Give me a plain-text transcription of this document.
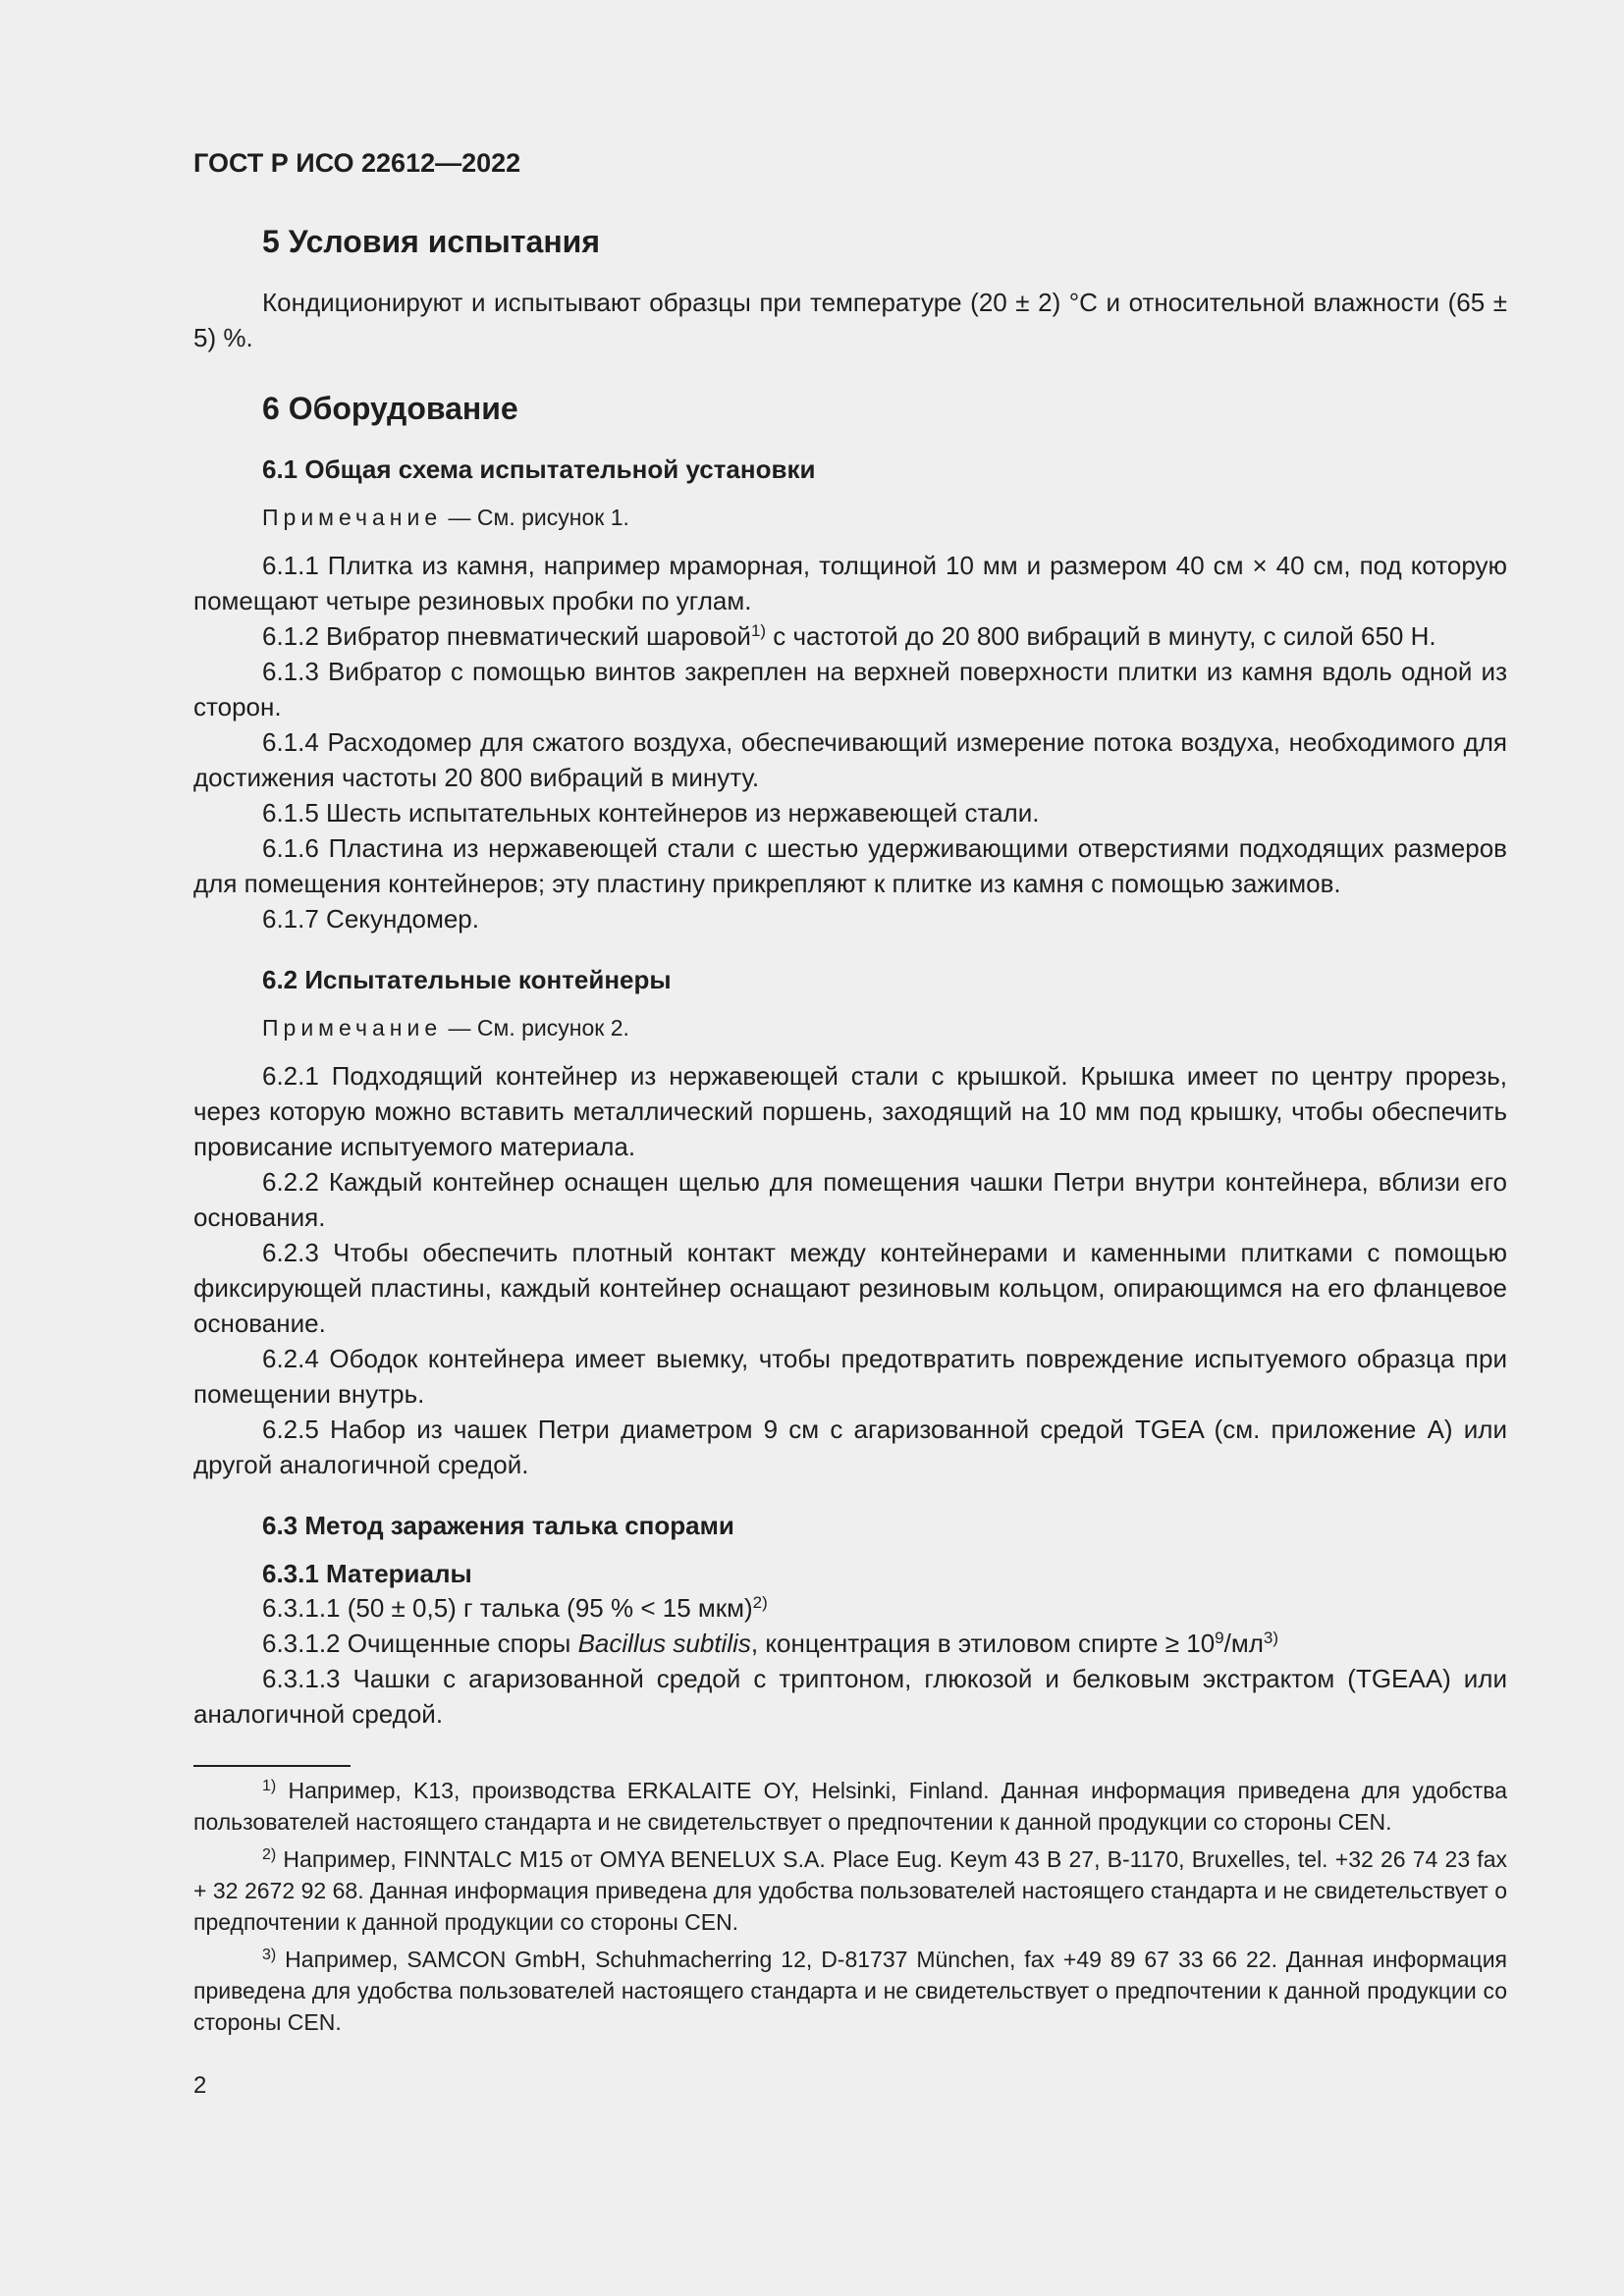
ГОСТ Р ИСО 22612—2022
5 Условия испытания

Кондиционируют и испытывают образцы при температуре (20 ± 2) °С и относительной влажности (65 ± 5) %.

6 Оборудование
6.1 Общая схема испытательной установки

Примечание — См. рисунок 1.

6.1.1 Плитка из камня, например мраморная, толщиной 10 мм и размером 40 см × 40 см, под которую помещают четыре резиновых пробки по углам.

6.1.2 Вибратор пневматический шаровой$^{1)}$ с частотой до 20 800 вибраций в минуту, с силой 650 Н.

6.1.3 Вибратор с помощью винтов закреплен на верхней поверхности плитки из камня вдоль одной из сторон.

6.1.4 Расходомер для сжатого воздуха, обеспечивающий измерение потока воздуха, необходимого для достижения частоты 20 800 вибраций в минуту.

6.1.5 Шесть испытательных контейнеров из нержавеющей стали.

6.1.6 Пластина из нержавеющей стали с шестью удерживающими отверстиями подходящих размеров для помещения контейнеров; эту пластину прикрепляют к плитке из камня с помощью зажимов.

6.1.7 Секундомер.

6.2 Испытательные контейнеры

Примечание — См. рисунок 2.

6.2.1 Подходящий контейнер из нержавеющей стали с крышкой. Крышка имеет по центру прорезь, через которую можно вставить металлический поршень, заходящий на 10 мм под крышку, чтобы обеспечить провисание испытуемого материала.

6.2.2 Каждый контейнер оснащен щелью для помещения чашки Петри внутри контейнера, вблизи его основания.

6.2.3 Чтобы обеспечить плотный контакт между контейнерами и каменными плитками с помощью фиксирующей пластины, каждый контейнер оснащают резиновым кольцом, опирающимся на его фланцевое основание.

6.2.4 Ободок контейнера имеет выемку, чтобы предотвратить повреждение испытуемого образца при помещении внутрь.

6.2.5 Набор из чашек Петри диаметром 9 см с агаризованной средой TGEA (см. приложение А) или другой аналогичной средой.

6.3 Метод заражения талька спорами
6.3.1 Материалы

6.3.1.1 (50 ± 0,5) г талька (95 % < 15 мкм)$^{2)}$

6.3.1.2 Очищенные споры Bacillus subtilis, концентрация в этиловом спирте ≥ $10^9/мл^{3)}$

6.3.1.3 Чашки с агаризованной средой с триптоном, глюкозой и белковым экстрактом (TGEAA) или аналогичной средой.

$^{1)}$ Например, K13, производства ERKALAITE OY, Helsinki, Finland. Данная информация приведена для удобства пользователей настоящего стандарта и не свидетельствует о предпочтении к данной продукции со стороны CEN.

$^{2)}$ Например, FINNTALC M15 от OMYA BENELUX S.A. Place Eug. Keym 43 B 27, B-1170, Bruxelles, tel. +32 26 74 23 fax + 32 2672 92 68. Данная информация приведена для удобства пользователей настоящего стандарта и не свидетельствует о предпочтении к данной продукции со стороны CEN.

$^{3)}$ Например, SAMCON GmbH, Schuhmacherring 12, D-81737 München, fax +49 89 67 33 66 22. Данная информация приведена для удобства пользователей настоящего стандарта и не свидетельствует о предпочтении к данной продукции со стороны CEN.

2
